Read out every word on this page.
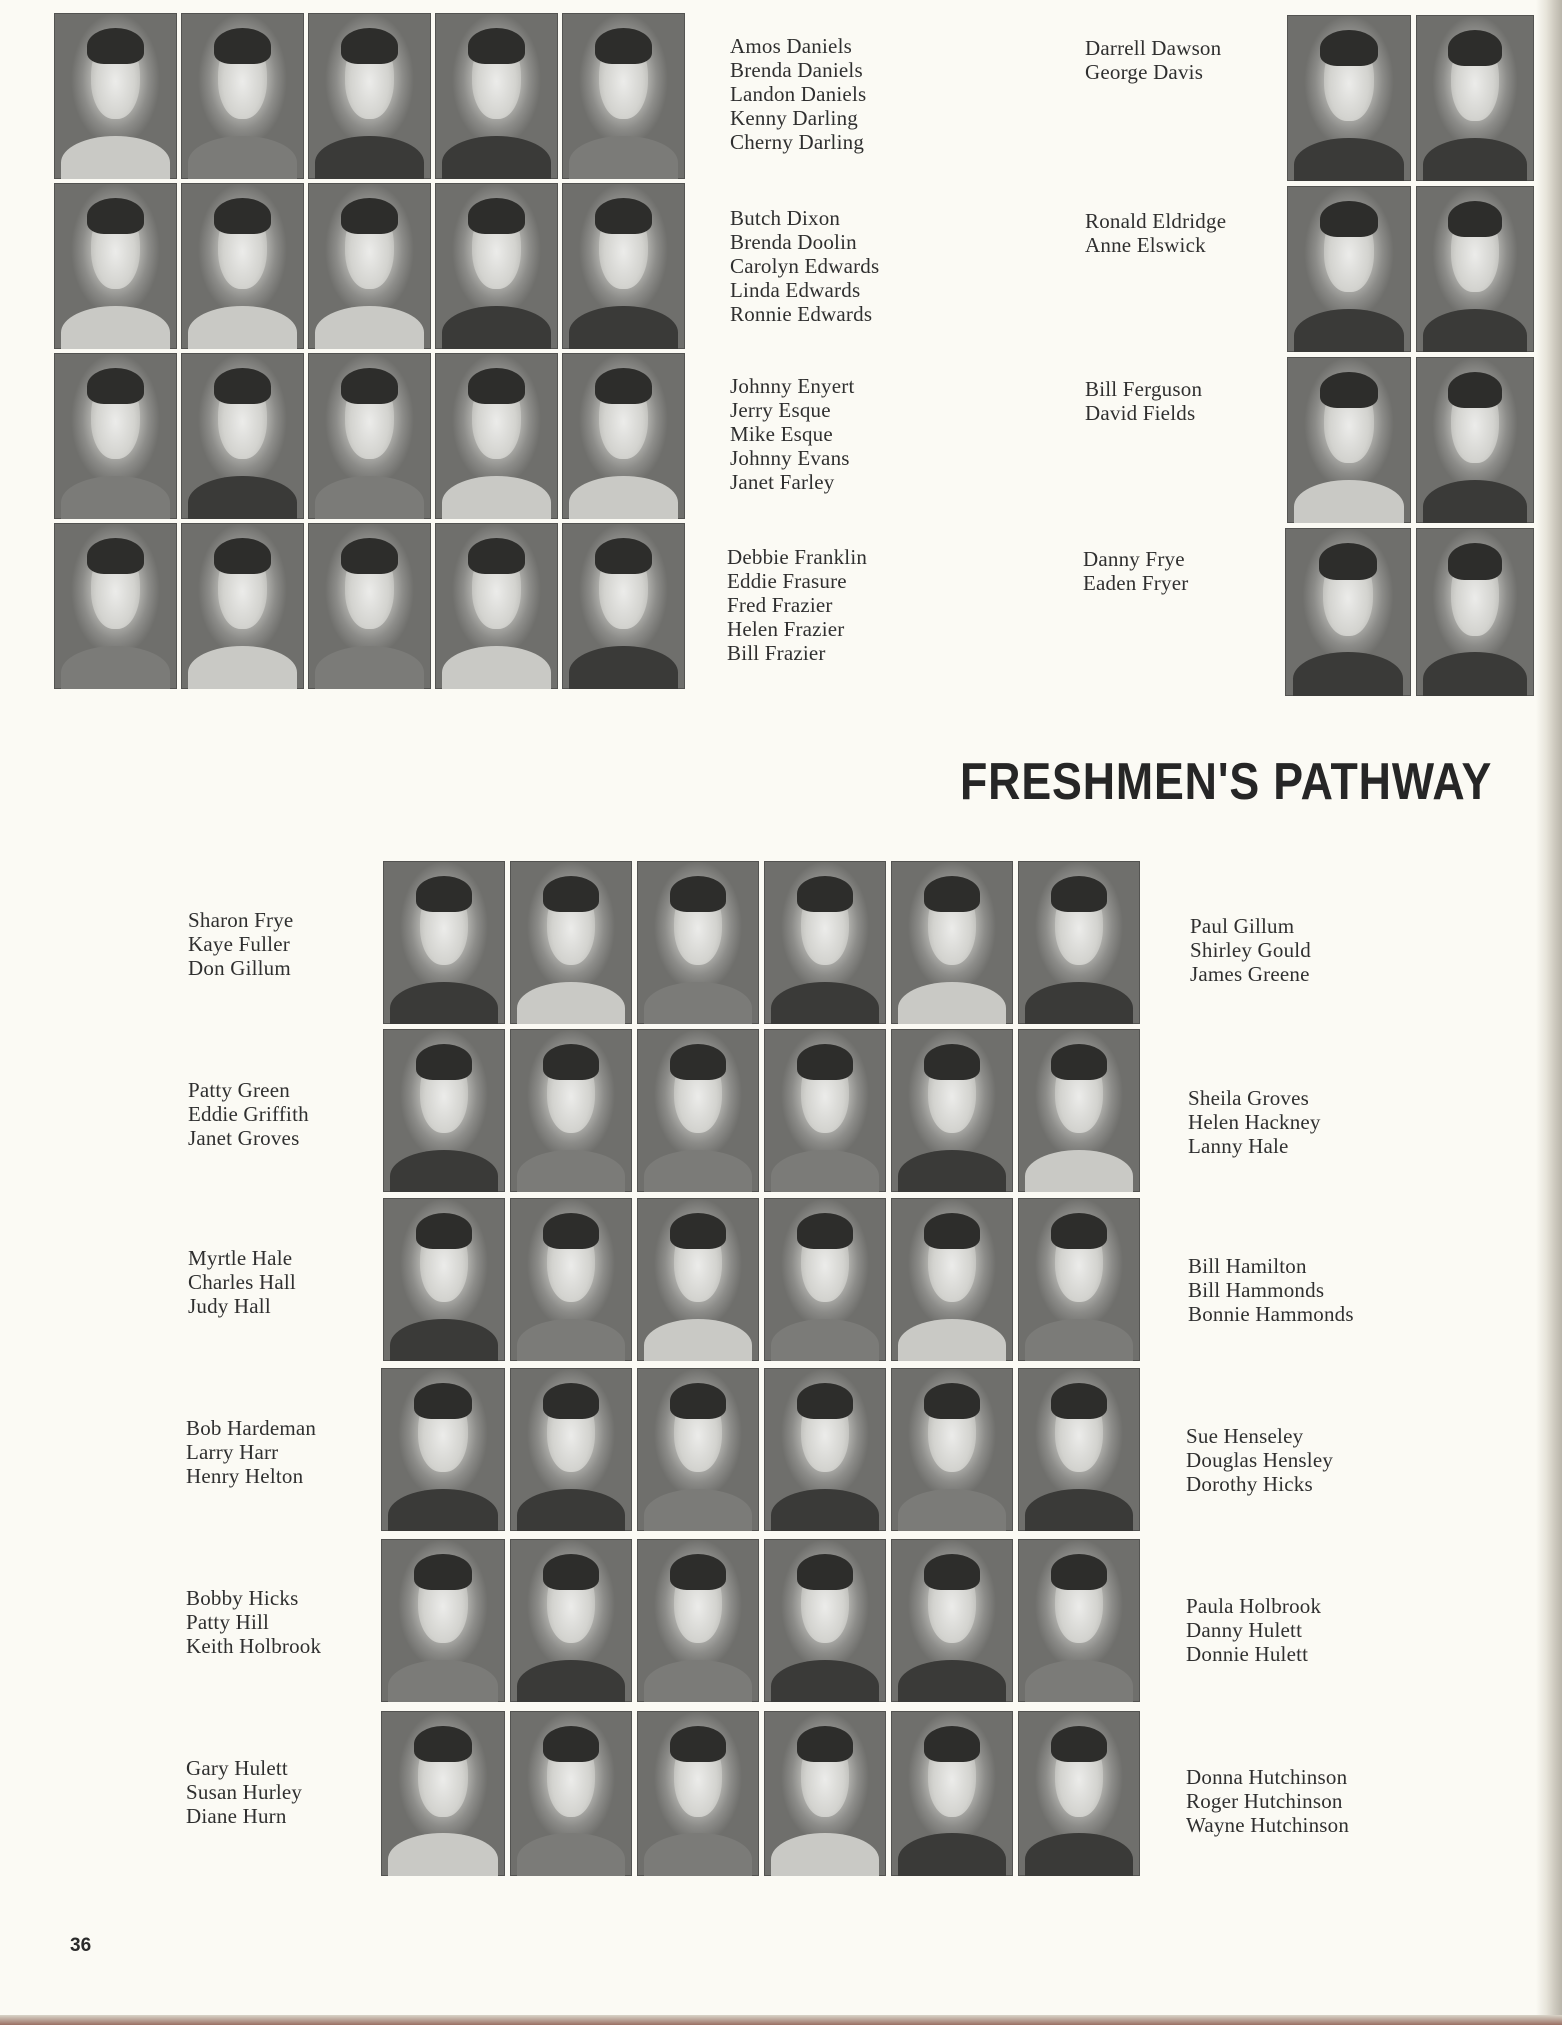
Amos Daniels
Brenda Daniels
Landon Daniels
Kenny Darling
Cherny Darling
Butch Dixon
Brenda Doolin
Carolyn Edwards
Linda Edwards
Ronnie Edwards
Johnny Enyert
Jerry Esque
Mike Esque
Johnny Evans
Janet Farley
Debbie Franklin
Eddie Frasure
Fred Frazier
Helen Frazier
Bill Frazier
Darrell Dawson
George Davis
Ronald Eldridge
Anne Elswick
Bill Ferguson
David Fields
Danny Frye
Eaden Fryer
FRESHMEN'S PATHWAY
Sharon Frye
Kaye Fuller
Don Gillum
Patty Green
Eddie Griffith
Janet Groves
Myrtle Hale
Charles Hall
Judy Hall
Bob Hardeman
Larry Harr
Henry Helton
Bobby Hicks
Patty Hill
Keith Holbrook
Gary Hulett
Susan Hurley
Diane Hurn
Paul Gillum
Shirley Gould
James Greene
Sheila Groves
Helen Hackney
Lanny Hale
Bill Hamilton
Bill Hammonds
Bonnie Hammonds
Sue Henseley
Douglas Hensley
Dorothy Hicks
Paula Holbrook
Danny Hulett
Donnie Hulett
Donna Hutchinson
Roger Hutchinson
Wayne Hutchinson
36
